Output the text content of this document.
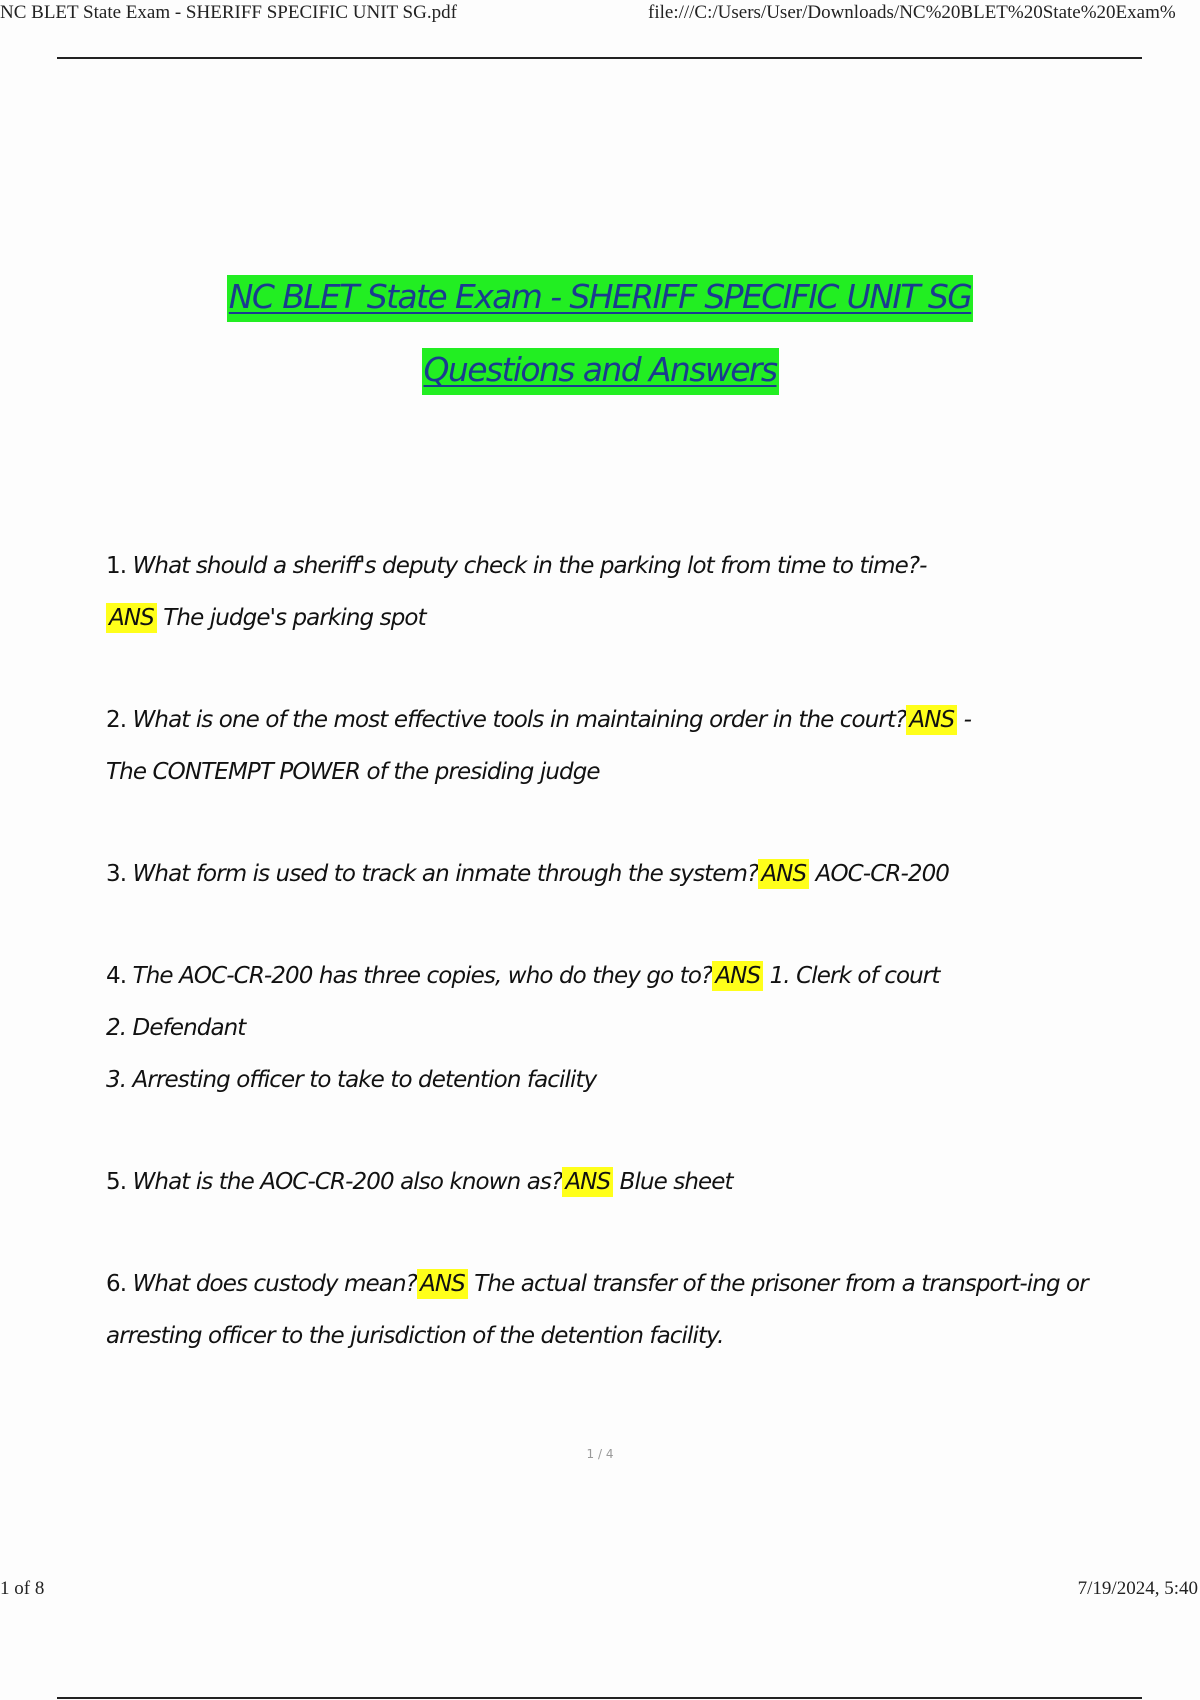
NC BLET State Exam - SHERIFF SPECIFIC UNIT SG.pdf	file:///C:/Users/User/Downloads/NC%20BLET%20State%20Exam%
NC BLET State Exam - SHERIFF SPECIFIC UNIT SG
Questions and Answers
1. What should a sheriff's deputy check in the parking lot from time to time?-
ANS The judge's parking spot
2. What is one of the most effective tools in maintaining order in the court? ANS -
The CONTEMPT POWER of the presiding judge
3. What form is used to track an inmate through the system? ANS AOC-CR-200
4. The AOC-CR-200 has three copies, who do they go to? ANS 1. Clerk of court
2. Defendant
3. Arresting officer to take to detention facility
5. What is the AOC-CR-200 also known as? ANS Blue sheet
6. What does custody mean? ANS The actual transfer of the prisoner from a transport-ing or
arresting officer to the jurisdiction of the detention facility.
1 / 4
1 of 8	7/19/2024, 5:40
